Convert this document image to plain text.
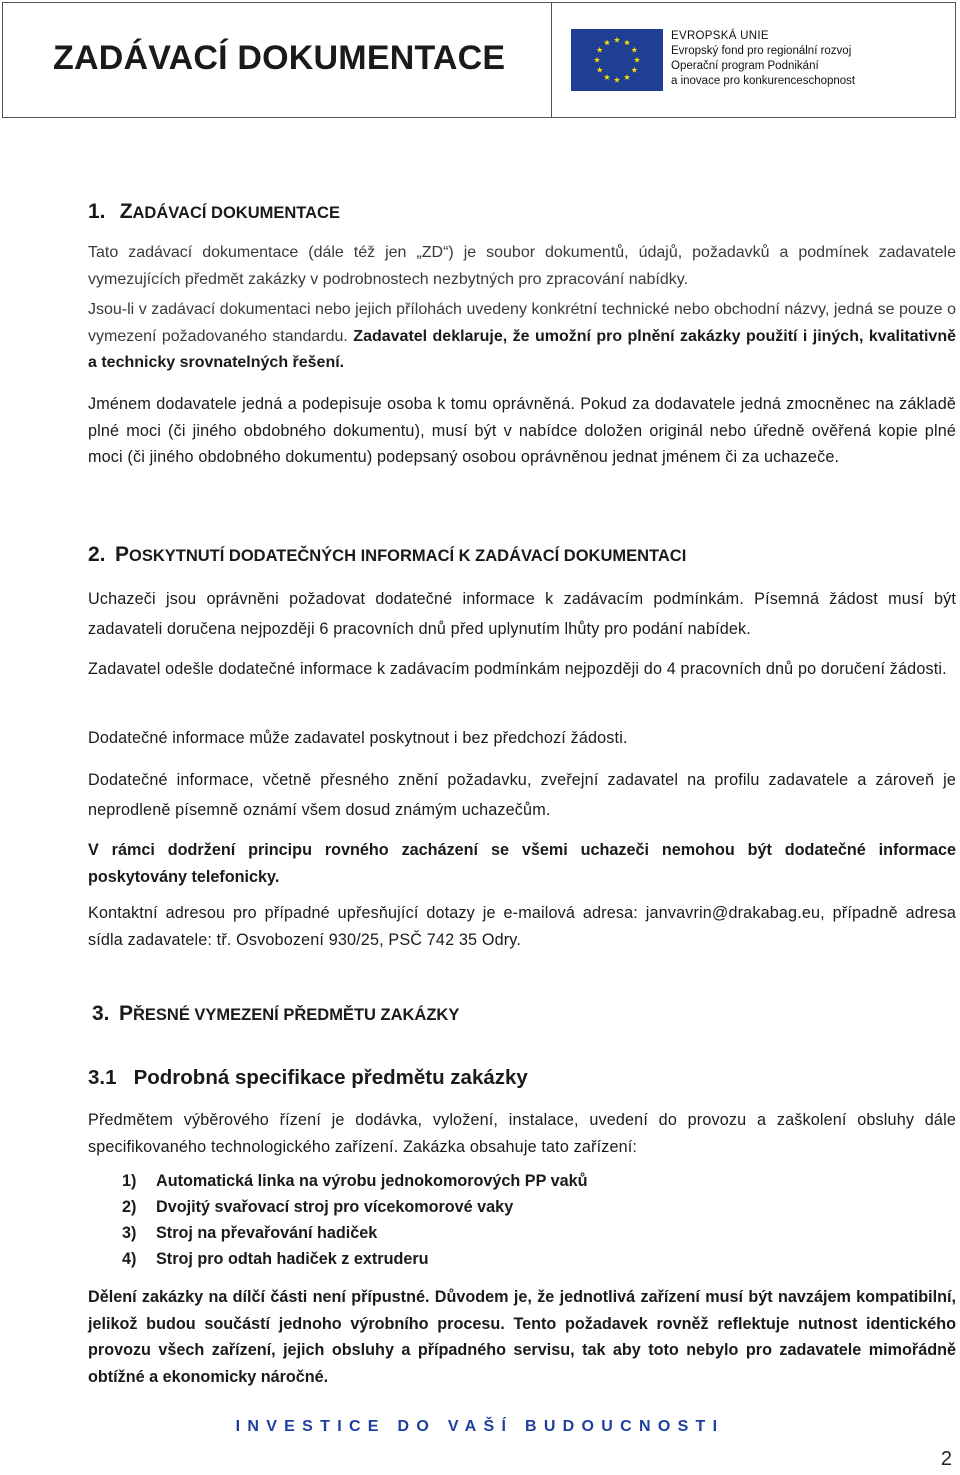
ZADÁVACÍ DOKUMENTACE
EVROPSKÁ UNIE
Evropský fond pro regionální rozvoj
Operační program Podnikání
a inovace pro konkurenceschopnost
1. ZADÁVACÍ DOKUMENTACE

Tato zadávací dokumentace (dále též jen „ZD“) je soubor dokumentů, údajů, požadavků a podmínek zadavatele vymezujících předmět zakázky v podrobnostech nezbytných pro zpracování nabídky.

Jsou-li v zadávací dokumentaci nebo jejich přílohách uvedeny konkrétní technické nebo obchodní názvy, jedná se pouze o vymezení požadovaného standardu. Zadavatel deklaruje, že umožní pro plnění zakázky použití i jiných, kvalitativně a technicky srovnatelných řešení.

Jménem dodavatele jedná a podepisuje osoba k tomu oprávněná. Pokud za dodavatele jedná zmocněnec na základě plné moci (či jiného obdobného dokumentu), musí být v nabídce doložen originál nebo úředně ověřená kopie plné moci (či jiného obdobného dokumentu) podepsaný osobou oprávněnou jednat jménem či za uchazeče.

2. POSKYTNUTÍ DODATEČNÝCH INFORMACÍ K ZADÁVACÍ DOKUMENTACI

Uchazeči jsou oprávněni požadovat dodatečné informace k zadávacím podmínkám. Písemná žádost musí být zadavateli doručena nejpozději 6 pracovních dnů před uplynutím lhůty pro podání nabídek.

Zadavatel odešle dodatečné informace k zadávacím podmínkám nejpozději do 4 pracovních dnů po doručení žádosti.

Dodatečné informace může zadavatel poskytnout i bez předchozí žádosti.

Dodatečné informace, včetně přesného znění požadavku, zveřejní zadavatel na profilu zadavatele a zároveň je neprodleně písemně oznámí všem dosud známým uchazečům.

V rámci dodržení principu rovného zacházení se všemi uchazeči nemohou být dodatečné informace poskytovány telefonicky.

Kontaktní adresou pro případné upřesňující dotazy je e-mailová adresa: janvavrin@drakabag.eu, případně adresa sídla zadavatele: tř. Osvobození 930/25, PSČ 742 35 Odry.

3. PŘESNÉ VYMEZENÍ PŘEDMĚTU ZAKÁZKY
3.1 Podrobná specifikace předmětu zakázky

Předmětem výběrového řízení je dodávka, vyložení, instalace, uvedení do provozu a zaškolení obsluhy dále specifikovaného technologického zařízení. Zakázka obsahuje tato zařízení:

1) Automatická linka na výrobu jednokomorových PP vaků
2) Dvojitý svařovací stroj pro vícekomorové vaky
3) Stroj na převařování hadiček
4) Stroj pro odtah hadiček z extruderu

Dělení zakázky na dílčí části není přípustné. Důvodem je, že jednotlivá zařízení musí být navzájem kompatibilní, jelikož budou součástí jednoho výrobního procesu. Tento požadavek rovněž reflektuje nutnost identického provozu všech zařízení, jejich obsluhy a případného servisu, tak aby toto nebylo pro zadavatele mimořádně obtížné a ekonomicky náročné.

INVESTICE DO VAŠÍ BUDOUCNOSTI
2
